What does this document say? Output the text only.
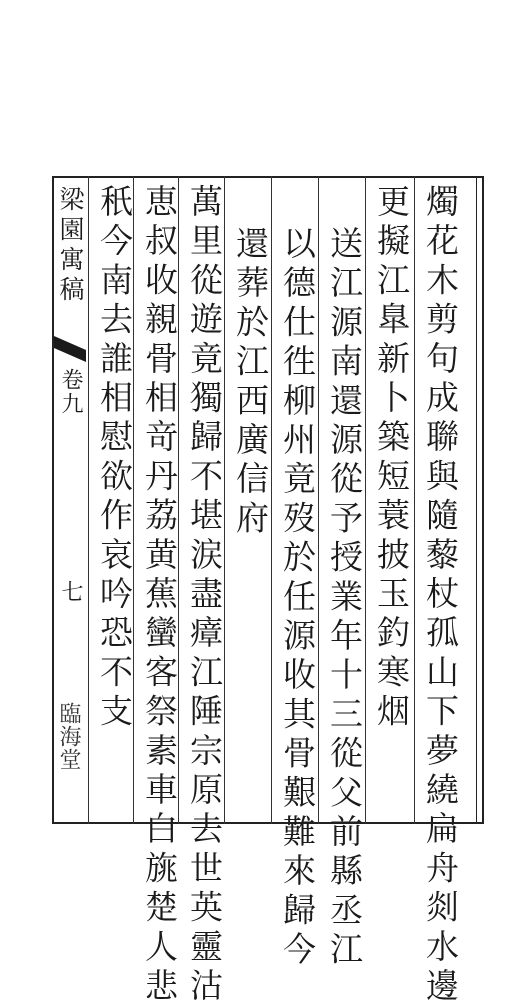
梁園寓稿
卷九
七
臨海堂	燭花木剪句成聯與隨藜杖孤山下夢繞扁舟剡水邊
更擬江臯新卜築短蓑披玉釣寒烟
送江源南還源從予授業年十三從父前縣丞江
以德仕徃柳州竟歿於任源收其骨艱難來歸今
還葬於江西廣信府
萬里從遊竟獨歸不堪涙盡瘴江陲宗原去世英靈沽
恵叔收親骨相竒丹荔黄蕉蠻客祭素車白旐楚人悲
秖今南去誰相慰欲作哀吟恐不支
